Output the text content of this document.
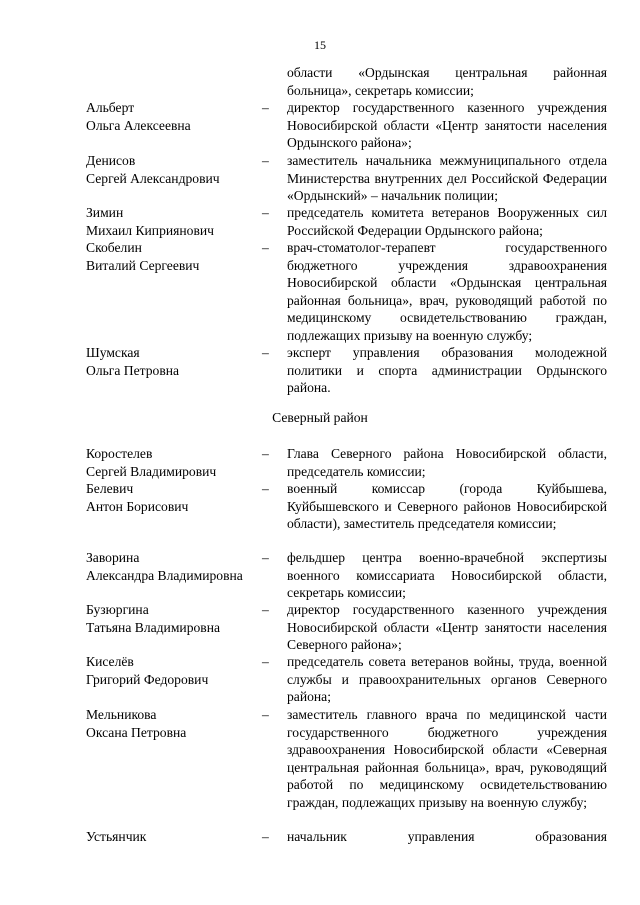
15
области «Ордынская центральная районная больница», секретарь комиссии;
Альберт
Ольга Алексеевна
–	директор государственного казенного учреждения Новосибирской области «Центр занятости населения Ордынского района»;
Денисов
Сергей Александрович
–	заместитель начальника межмуниципального отдела Министерства внутренних дел Российской Федерации «Ордынский» – начальник полиции;
Зимин
Михаил Киприянович
–	председатель комитета ветеранов Вооруженных сил Российской Федерации Ордынского района;
Скобелин
Виталий Сергеевич
–	врач-стоматолог-терапевт государственного бюджетного учреждения здравоохранения Новосибирской области «Ордынская центральная районная больница», врач, руководящий работой по медицинскому освидетельствованию граждан, подлежащих призыву на военную службу;
Шумская
Ольга Петровна
–	эксперт управления образования молодежной политики и спорта администрации Ордынского района.
Северный район
Коростелев
Сергей Владимирович
–	Глава Северного района Новосибирской области, председатель комиссии;
Белевич
Антон Борисович
–	военный комиссар (города Куйбышева, Куйбышевского и Северного районов Новосибирской области), заместитель председателя комиссии;
Заворина
Александра Владимировна
–	фельдшер центра военно-врачебной экспертизы военного комиссариата Новосибирской области, секретарь комиссии;
Бузюргина
Татьяна Владимировна
–	директор государственного казенного учреждения Новосибирской области «Центр занятости населения Северного района»;
Киселёв
Григорий Федорович
–	председатель совета ветеранов войны, труда, военной службы и правоохранительных органов Северного района;
Мельникова
Оксана Петровна
–	заместитель главного врача по медицинской части государственного бюджетного учреждения здравоохранения Новосибирской области «Северная центральная районная больница», врач, руководящий работой по медицинскому освидетельствованию граждан, подлежащих призыву на военную службу;
Устьянчик	–	начальник управления образования
